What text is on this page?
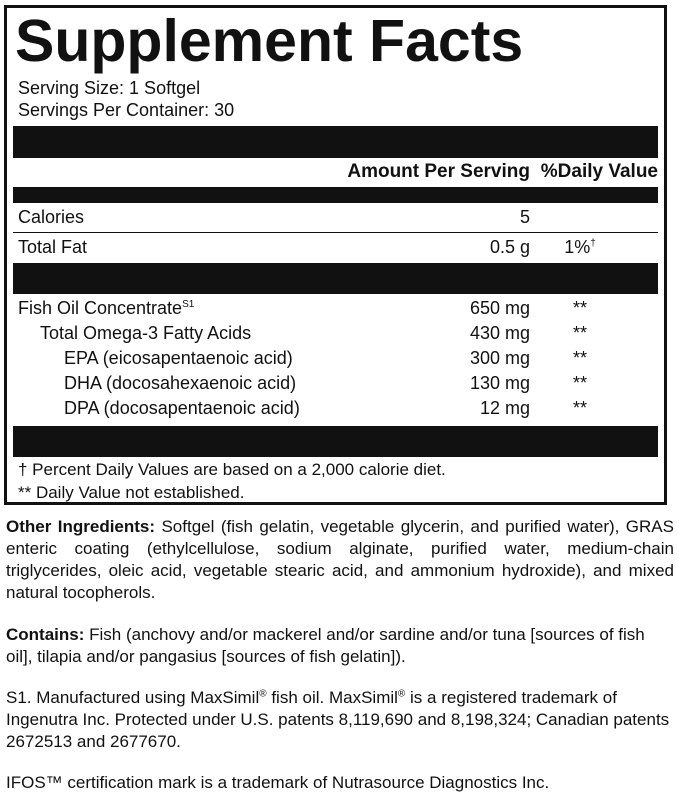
Supplement Facts
Serving Size: 1 Softgel
Servings Per Container: 30
Amount Per Serving %Daily Value
Calories	5
Total Fat	0.5 g	1%†
Fish Oil Concentrate$^{S1}$	650 mg	**
Total Omega-3 Fatty Acids	430 mg	**
EPA (eicosapentaenoic acid)	300 mg	**
DHA (docosahexaenoic acid)	130 mg	**
DPA (docosapentaenoic acid)	12 mg	**
† Percent Daily Values are based on a 2,000 calorie diet.
** Daily Value not established.
Other Ingredients: Softgel (fish gelatin, vegetable glycerin, and purified water), GRAS enteric coating (ethylcellulose, sodium alginate, purified water, medium-chain triglycerides, oleic acid, vegetable stearic acid, and ammonium hydroxide), and mixed natural tocopherols.
Contains: Fish (anchovy and/or mackerel and/or sardine and/or tuna [sources of fish oil], tilapia and/or pangasius [sources of fish gelatin]).
S1. Manufactured using MaxSimil® fish oil. MaxSimil® is a registered trademark of Ingenutra Inc. Protected under U.S. patents 8,119,690 and 8,198,324; Canadian patents 2672513 and 2677670.
IFOS™ certification mark is a trademark of Nutrasource Diagnostics Inc.
